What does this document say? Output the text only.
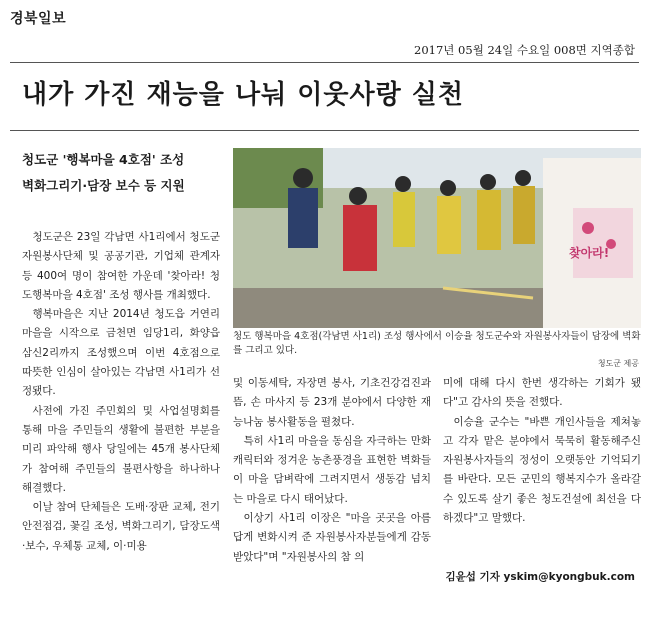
경북일보
2017년 05월 24일 수요일 008면 지역종합
내가 가진 재능을 나눠 이웃사랑 실천
청도군 '행복마을 4호점' 조성
벽화그리기·담장 보수 등 지원

청도군은 23일 각남면 사1리에서 청도군 자원봉사단체 및 공공기관, 기업체 관계자 등 400여 명이 참여한 가운데 '찾아라! 청도행복마을 4호점' 조성 행사를 개최했다.

행복마을은 지난 2014년 청도읍 거연리 마을을 시작으로 금천면 임당1리, 화양읍 삼신2리까지 조성했으며 이번 4호점으로 따뜻한 인심이 살아있는 각남면 사1리가 선정됐다.

사전에 가진 주민회의 및 사업설명회를 통해 마을 주민들의 생활에 불편한 부분을 미리 파악해 행사 당일에는 45개 봉사단체가 참여해 주민들의 불편사항을 하나하나 해결했다.

이날 참여 단체들은 도배·장판 교체, 전기 안전점검, 꽃길 조성, 벽화그리기, 담장도색·보수, 우체통 교체, 이·미용

찾아라!
청도 행복마을 4호점(각남면 사1리) 조성 행사에서 이승율 청도군수와 자원봉사자들이 담장에 벽화를 그리고 있다.
청도군 제공

및 이동세탁, 자장면 봉사, 기초건강검진과 뜸, 손 마사지 등 23개 분야에서 다양한 재능나눔 봉사활동을 펼쳤다.

특히 사1리 마을을 동심을 자극하는 만화캐릭터와 정겨운 농촌풍경을 표현한 벽화들이 마을 담벼락에 그려지면서 생동감 넘치는 마을로 다시 태어났다.

이상기 사1리 이장은 "마을 곳곳을 아름답게 변화시켜 준 자원봉사자분들에게 감동 받았다"며 "자원봉사의 참 의

미에 대해 다시 한번 생각하는 기회가 됐다"고 감사의 뜻을 전했다.

이승율 군수는 "바쁜 개인사들을 제쳐놓고 각자 맡은 분야에서 묵묵히 활동해주신 자원봉사자들의 정성이 오랫동안 기억되기를 바란다. 모든 군민의 행복지수가 올라갈 수 있도록 살기 좋은 청도건설에 최선을 다하겠다"고 말했다.

김윤섭 기자 yskim@kyongbuk.com
